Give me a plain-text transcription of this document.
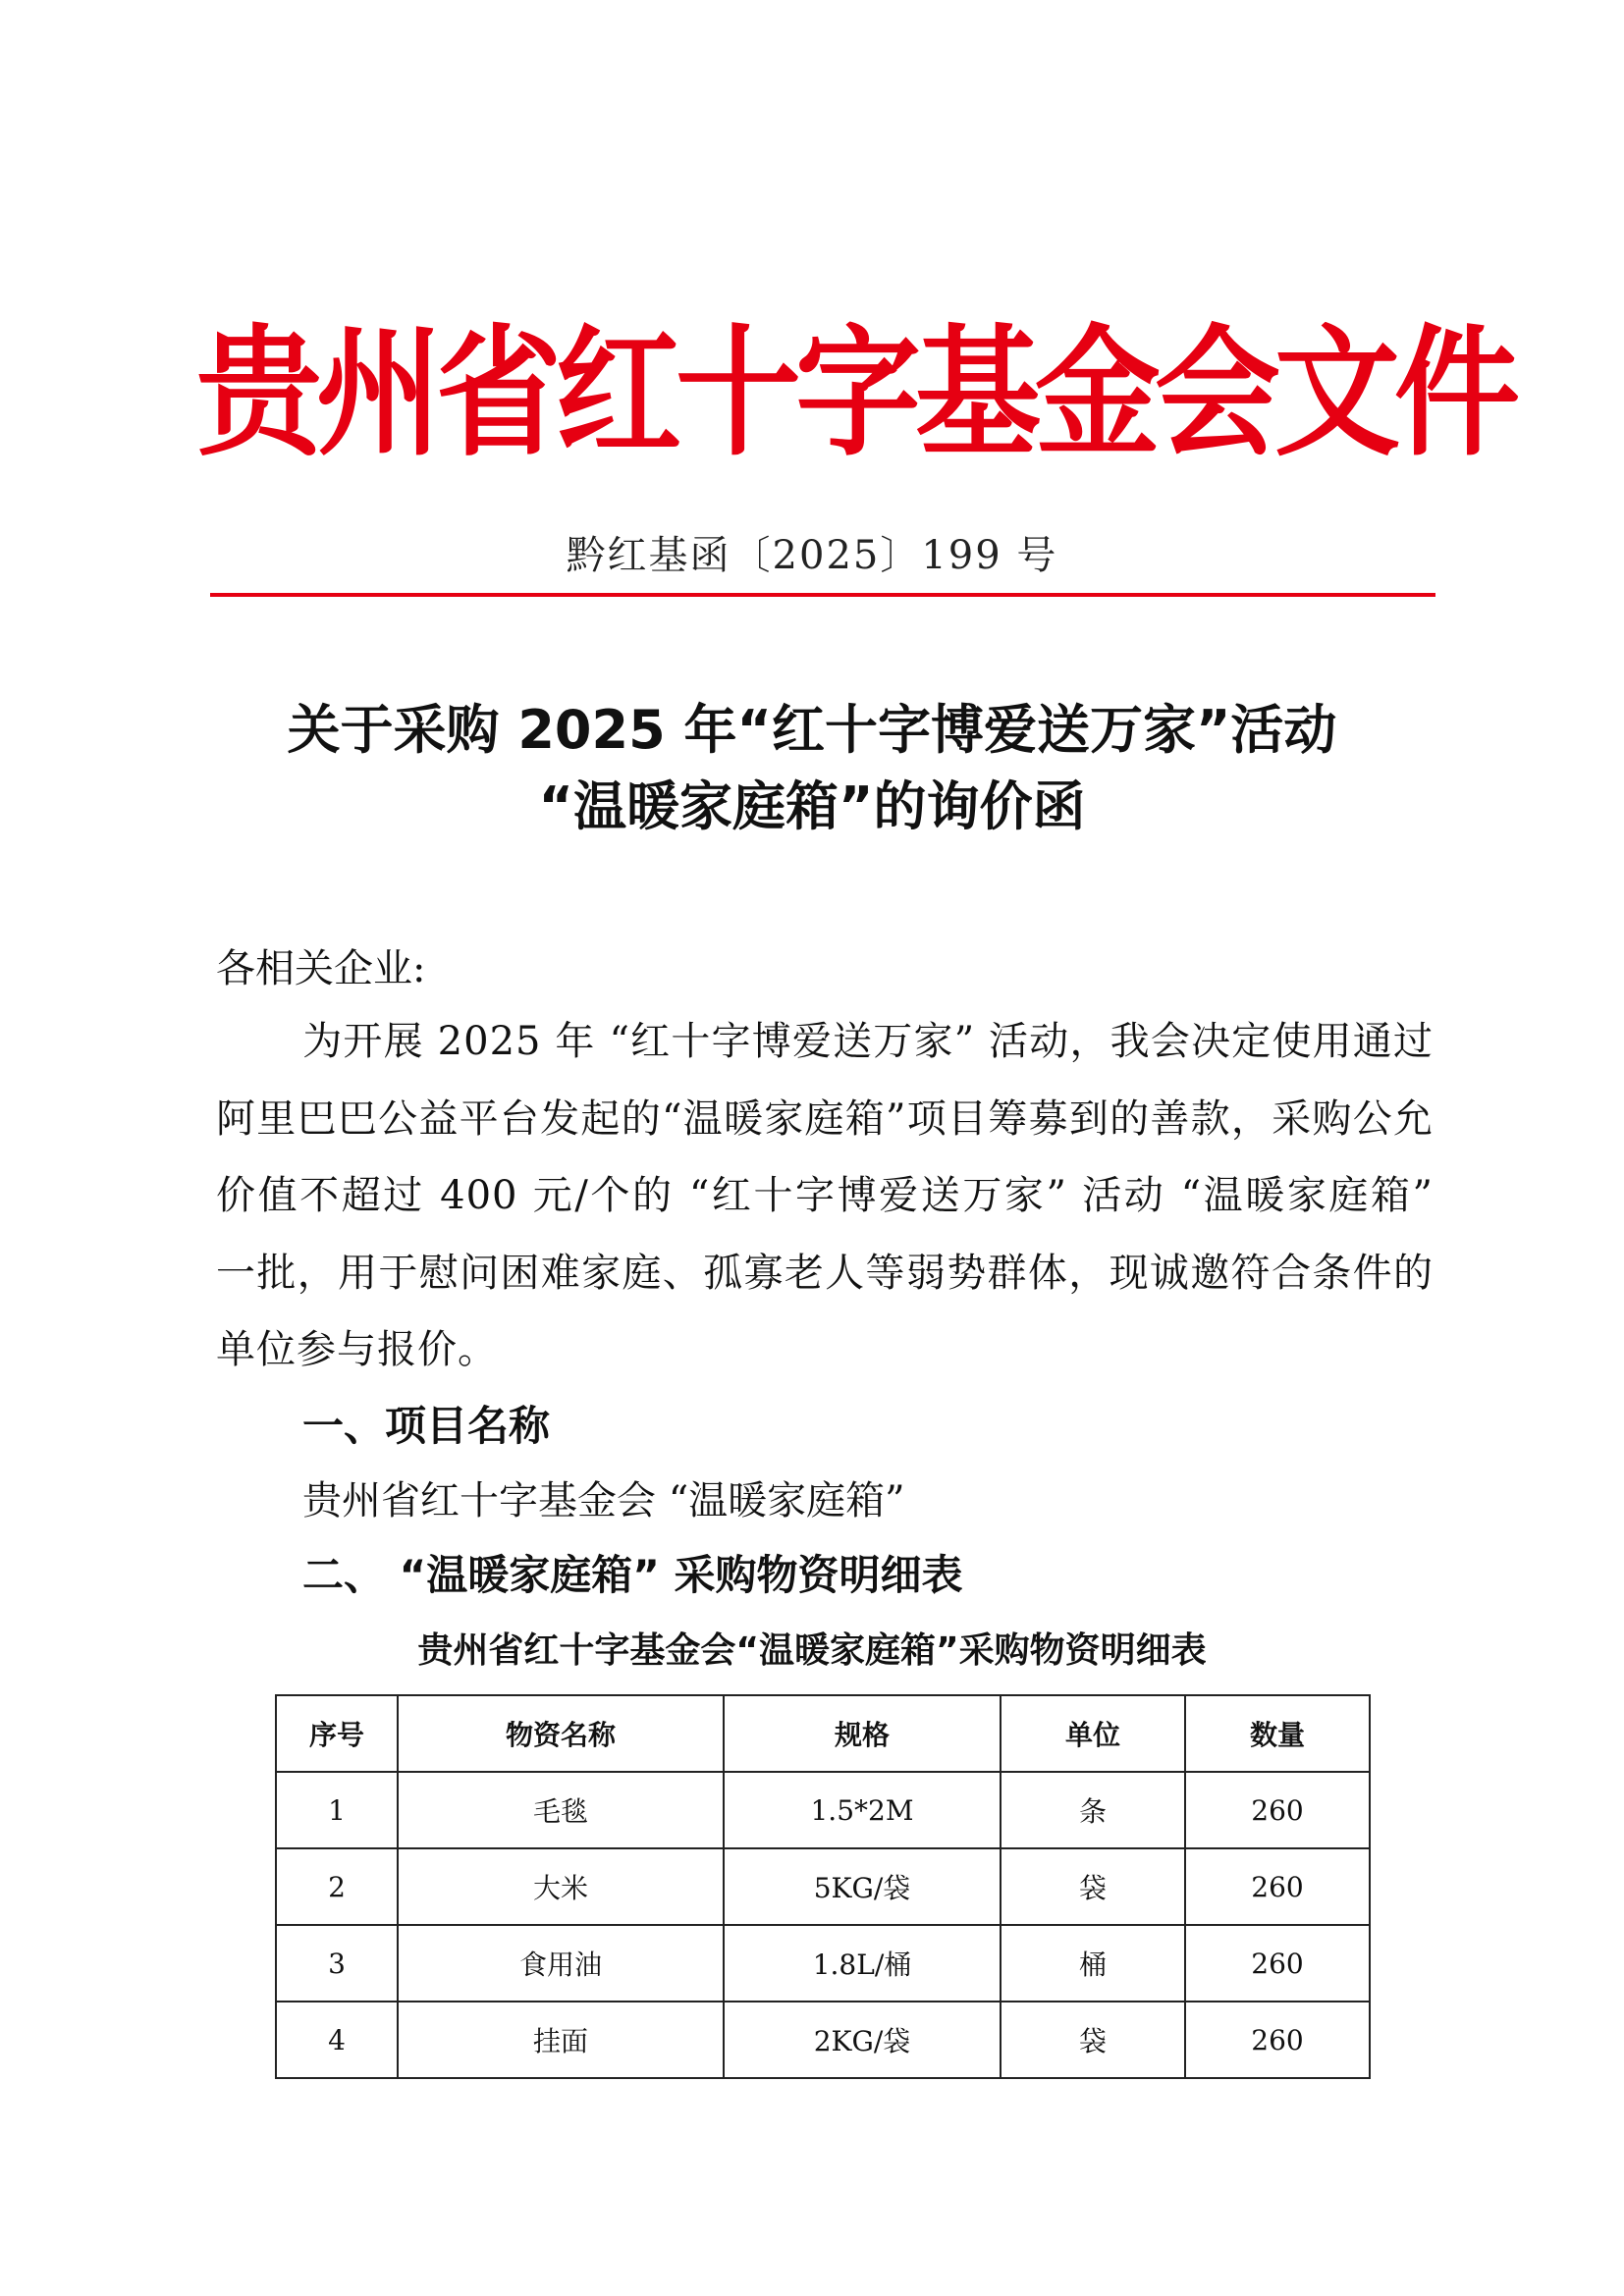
贵州省红十字基金会文件
黔红基函〔2025〕199 号
关于采购 2025 年“红十字博爱送万家”活动
“温暖家庭箱”的询价函
各相关企业:
为开展 2025 年 “红十字博爱送万家” 活动，我会决定使用通过阿里巴巴公益平台发起的“温暖家庭箱”项目筹募到的善款，采购公允价值不超过 400 元/个的 “红十字博爱送万家” 活动 “温暖家庭箱” 一批，用于慰问困难家庭、孤寡老人等弱势群体，现诚邀符合条件的单位参与报价。
一、项目名称
贵州省红十字基金会 “温暖家庭箱”
二、 “温暖家庭箱” 采购物资明细表
贵州省红十字基金会“温暖家庭箱”采购物资明细表
序号	物资名称	规格	单位	数量
1	毛毯	1.5*2M	条	260
2	大米	5KG/袋	袋	260
3	食用油	1.8L/桶	桶	260
4	挂面	2KG/袋	袋	260
